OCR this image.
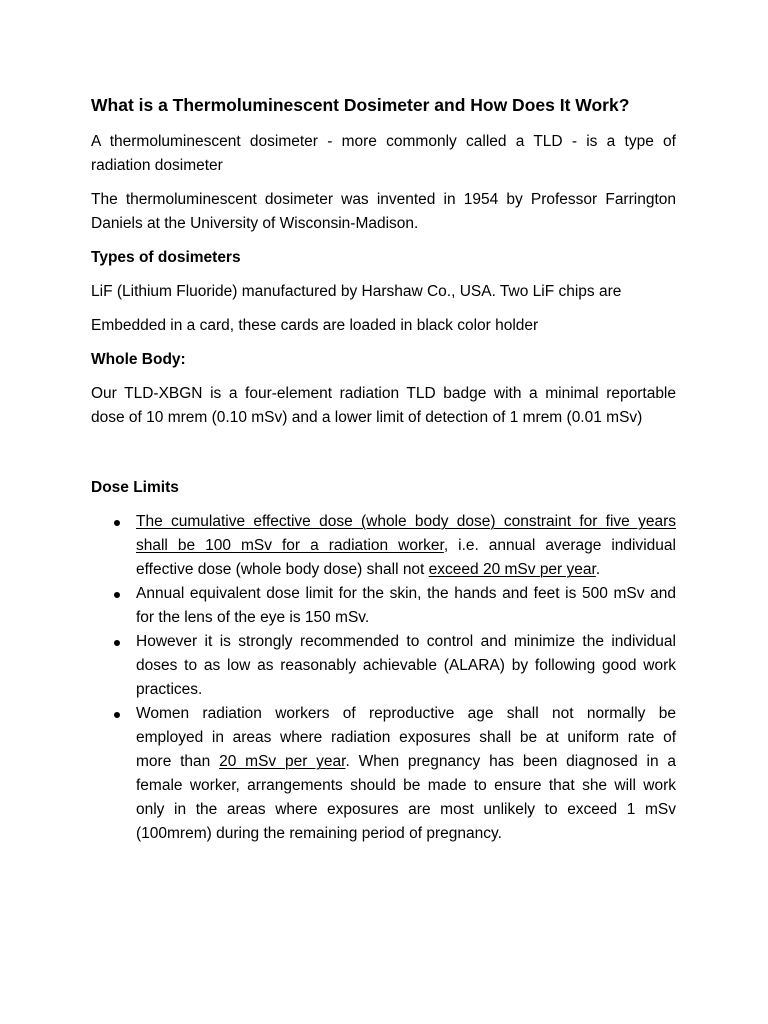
What is a Thermoluminescent Dosimeter and How Does It Work?
A thermoluminescent dosimeter - more commonly called a TLD - is a type of
radiation dosimeter
The thermoluminescent dosimeter was invented in 1954 by Professor Farrington
Daniels at the University of Wisconsin-Madison.
Types of dosimeters
LiF (Lithium Fluoride) manufactured by Harshaw Co., USA. Two LiF chips are
Embedded in a card, these cards are loaded in black color holder
Whole Body:
Our TLD-XBGN is a four-element radiation TLD badge with a minimal reportable
dose of 10 mrem (0.10 mSv) and a lower limit of detection of 1 mrem (0.01 mSv)
Dose Limits
The cumulative effective dose (whole body dose) constraint for five years
shall be 100 mSv for a radiation worker, i.e. annual average individual
effective dose (whole body dose) shall not exceed 20 mSv per year.
Annual equivalent dose limit for the skin, the hands and feet is 500 mSv and
for the lens of the eye is 150 mSv.
However it is strongly recommended to control and minimize the individual
doses to as low as reasonably achievable (ALARA) by following good work
practices.
Women radiation workers of reproductive age shall not normally be
employed in areas where radiation exposures shall be at uniform rate of
more than 20 mSv per year. When pregnancy has been diagnosed in a
female worker, arrangements should be made to ensure that she will work
only in the areas where exposures are most unlikely to exceed 1 mSv
(100mrem) during the remaining period of pregnancy.
